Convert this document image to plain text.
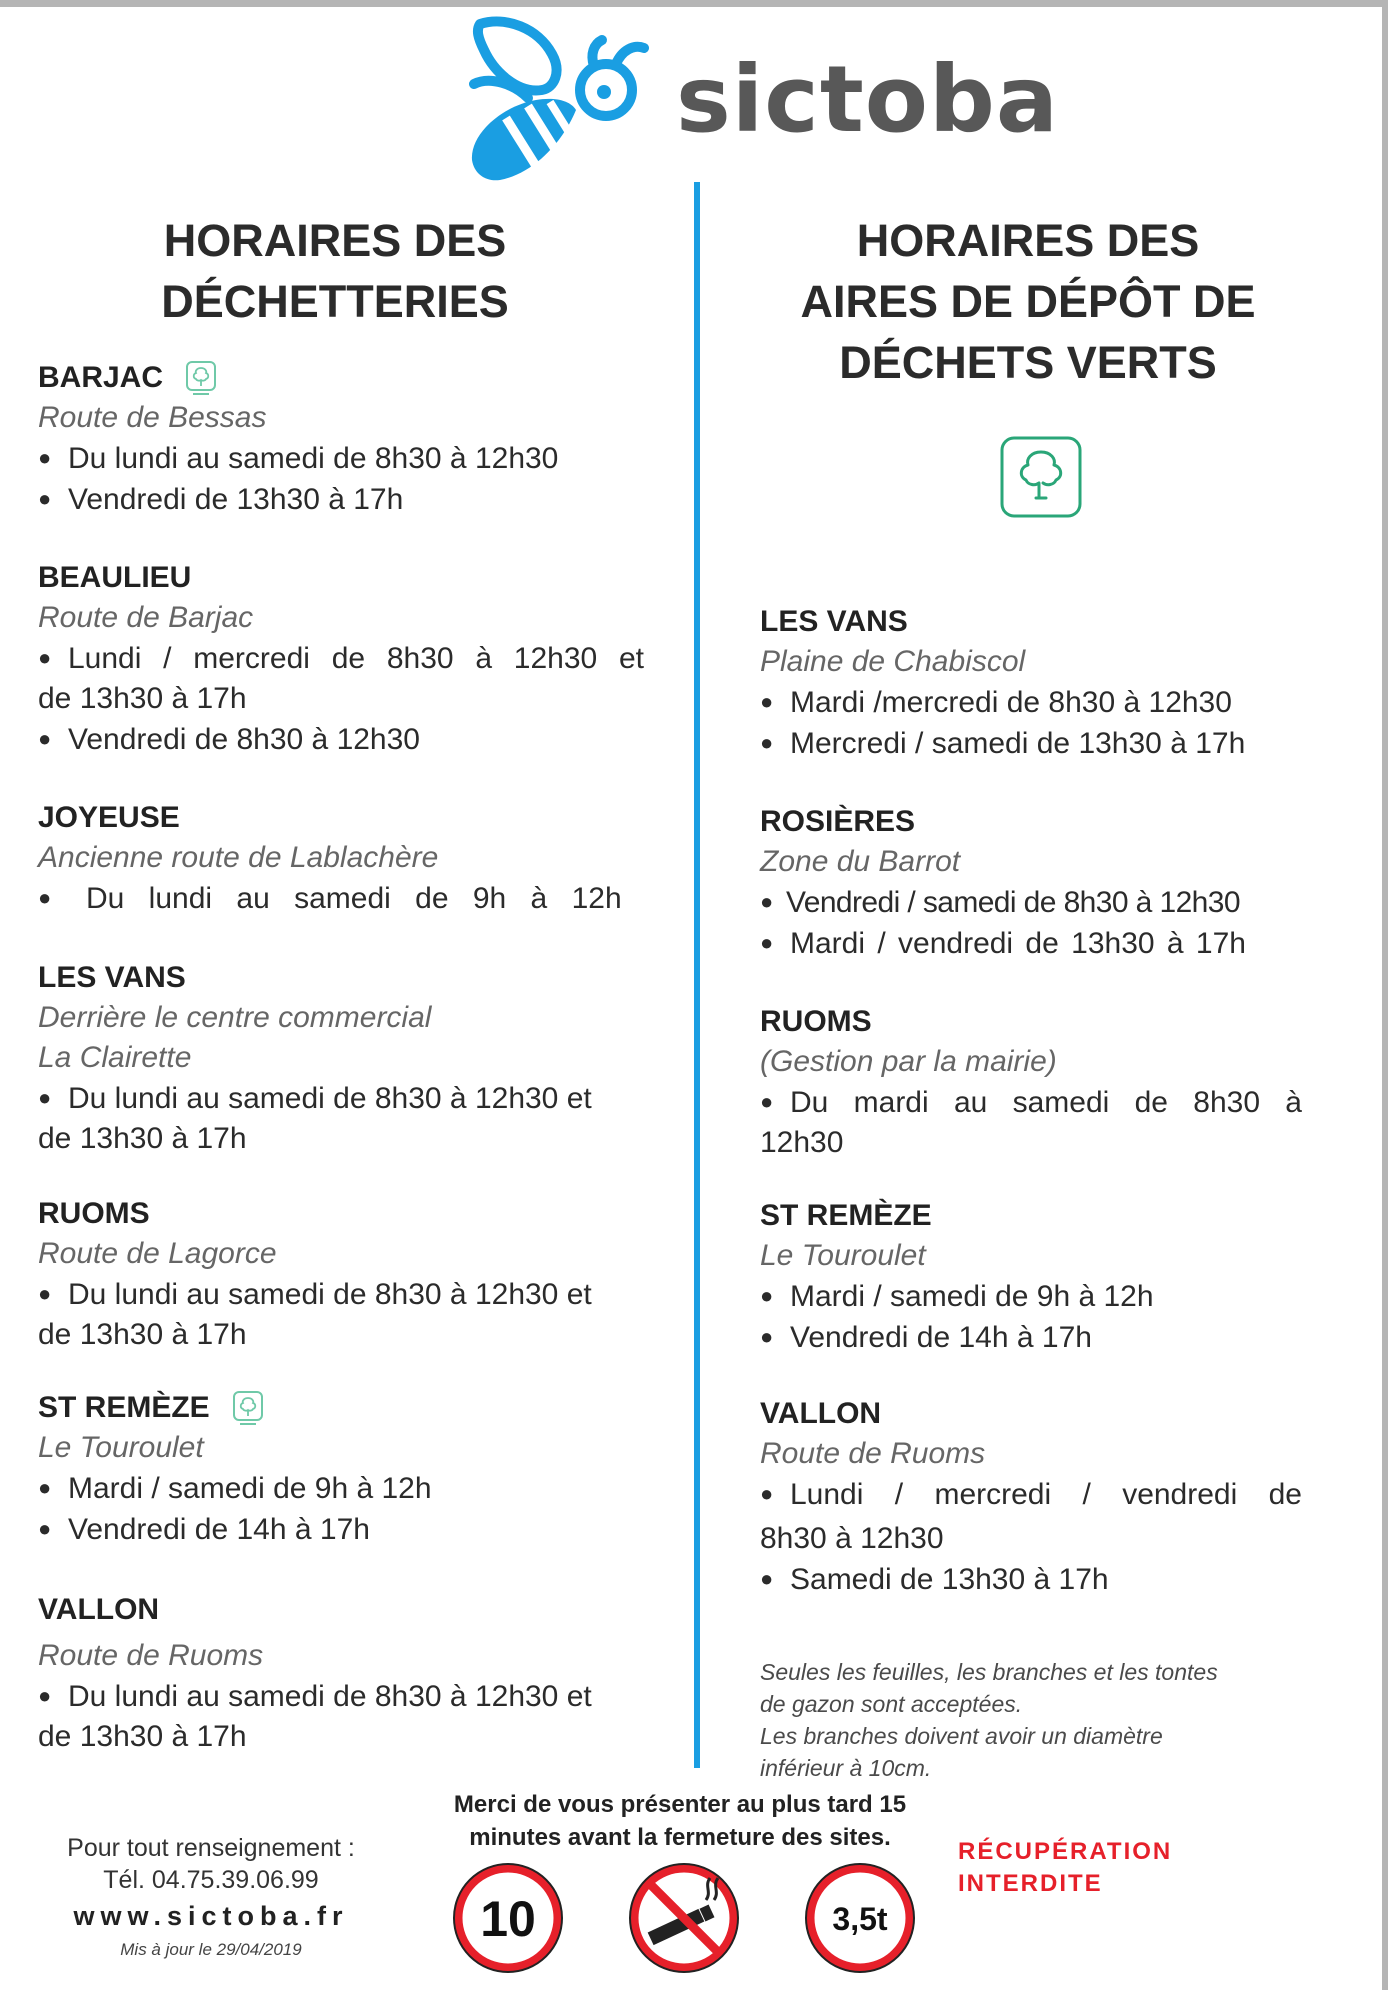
sictoba
HORAIRES DES
DÉCHETTERIES
BARJAC
Route de Bessas
● Du lundi au samedi de 8h30 à 12h30
● Vendredi de 13h30 à 17h
BEAULIEU
Route de Barjac
● Lundi / mercredi de 8h30 à 12h30 et
de 13h30 à 17h
● Vendredi de 8h30 à 12h30
JOYEUSE
Ancienne route de Lablachère
● Du lundi au samedi de 9h à 12h
LES VANS
Derrière le centre commercial
La Clairette
● Du lundi au samedi de 8h30 à 12h30 et
de 13h30 à 17h
RUOMS
Route de Lagorce
● Du lundi au samedi de 8h30 à 12h30 et
de 13h30 à 17h
ST REMÈZE
Le Touroulet
● Mardi / samedi de 9h à 12h
● Vendredi de 14h à 17h
VALLON
Route de Ruoms
● Du lundi au samedi de 8h30 à 12h30 et
de 13h30 à 17h
HORAIRES DES
AIRES DE DÉPÔT DE
DÉCHETS VERTS
LES VANS
Plaine de Chabiscol
● Mardi /mercredi de 8h30 à 12h30
● Mercredi / samedi de 13h30 à 17h
ROSIÈRES
Zone du Barrot
● Vendredi / samedi de 8h30 à 12h30
● Mardi / vendredi de 13h30 à 17h
RUOMS
(Gestion par la mairie)
● Du mardi au samedi de 8h30 à
12h30
ST REMÈZE
Le Touroulet
● Mardi / samedi de 9h à 12h
● Vendredi de 14h à 17h
VALLON
Route de Ruoms
● Lundi / mercredi / vendredi de
8h30 à 12h30
● Samedi de 13h30 à 17h
Seules les feuilles, les branches et les tontes
de gazon sont acceptées.
Les branches doivent avoir un diamètre
inférieur à 10cm.
Pour tout renseignement :
Tél. 04.75.39.06.99
www.sictoba.fr
Mis à jour le 29/04/2019
Merci de vous présenter au plus tard 15
minutes avant la fermeture des sites.
10	3,5t
RÉCUPÉRATION
INTERDITE
